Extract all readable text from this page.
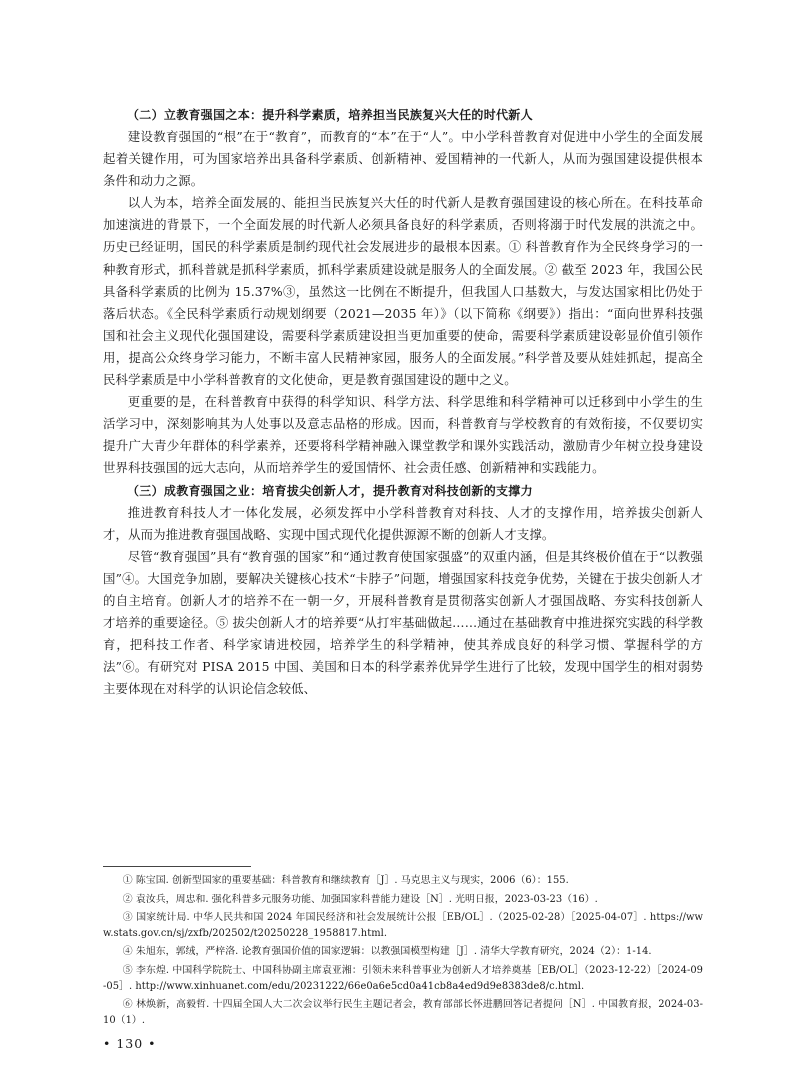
（二）立教育强国之本：提升科学素质，培养担当民族复兴大任的时代新人

建设教育强国的“根”在于“教育”，而教育的“本”在于“人”。中小学科普教育对促进中小学生的全面发展起着关键作用，可为国家培养出具备科学素质、创新精神、爱国精神的一代新人，从而为强国建设提供根本条件和动力之源。

以人为本，培养全面发展的、能担当民族复兴大任的时代新人是教育强国建设的核心所在。在科技革命加速演进的背景下，一个全面发展的时代新人必须具备良好的科学素质，否则将溺于时代发展的洪流之中。历史已经证明，国民的科学素质是制约现代社会发展进步的最根本因素。① 科普教育作为全民终身学习的一种教育形式，抓科普就是抓科学素质，抓科学素质建设就是服务人的全面发展。② 截至 2023 年，我国公民具备科学素质的比例为 15.37%③，虽然这一比例在不断提升，但我国人口基数大，与发达国家相比仍处于落后状态。《全民科学素质行动规划纲要（2021—2035 年）》（以下简称《纲要》）指出：“面向世界科技强国和社会主义现代化强国建设，需要科学素质建设担当更加重要的使命，需要科学素质建设彰显价值引领作用，提高公众终身学习能力，不断丰富人民精神家园，服务人的全面发展。”科学普及要从娃娃抓起，提高全民科学素质是中小学科普教育的文化使命，更是教育强国建设的题中之义。

更重要的是，在科普教育中获得的科学知识、科学方法、科学思维和科学精神可以迁移到中小学生的生活学习中，深刻影响其为人处事以及意志品格的形成。因而，科普教育与学校教育的有效衔接，不仅要切实提升广大青少年群体的科学素养，还要将科学精神融入课堂教学和课外实践活动，激励青少年树立投身建设世界科技强国的远大志向，从而培养学生的爱国情怀、社会责任感、创新精神和实践能力。

（三）成教育强国之业：培育拔尖创新人才，提升教育对科技创新的支撑力

推进教育科技人才一体化发展，必须发挥中小学科普教育对科技、人才的支撑作用，培养拔尖创新人才，从而为推进教育强国战略、实现中国式现代化提供源源不断的创新人才支撑。

尽管“教育强国”具有“教育强的国家”和“通过教育使国家强盛”的双重内涵，但是其终极价值在于“以教强国”④。大国竞争加剧，要解决关键核心技术“卡脖子”问题，增强国家科技竞争优势，关键在于拔尖创新人才的自主培育。创新人才的培养不在一朝一夕，开展科普教育是贯彻落实创新人才强国战略、夯实科技创新人才培养的重要途径。⑤ 拔尖创新人才的培养要“从打牢基础做起……通过在基础教育中推进探究实践的科学教育，把科技工作者、科学家请进校园，培养学生的科学精神，使其养成良好的科学习惯、掌握科学的方法”⑥。有研究对 PISA 2015 中国、美国和日本的科学素养优异学生进行了比较，发现中国学生的相对弱势主要体现在对科学的认识论信念较低、

① 陈宝国. 创新型国家的重要基础：科普教育和继续教育［J］. 马克思主义与现实，2006（6）：155.

② 袁汝兵，周忠和. 强化科普多元服务功能、加强国家科普能力建设［N］. 光明日报，2023-03-23（16）.

③ 国家统计局. 中华人民共和国 2024 年国民经济和社会发展统计公报［EB/OL］.（2025-02-28）［2025-04-07］. https://www.stats.gov.cn/sj/zxfb/202502/t20250228_1958817.html.

④ 朱旭东，郭绒，严梓洛. 论教育强国价值的国家逻辑：以教强国模型构建［J］. 清华大学教育研究，2024（2）：1-14.

⑤ 李东煌. 中国科学院院士、中国科协副主席袁亚湘：引领未来科普事业为创新人才培养奠基［EB/OL］（2023-12-22）［2024-09-05］. http://www.xinhuanet.com/edu/20231222/66e0a6e5cd0a41cb8a4ed9d9e8383de8/c.html.

⑥ 林焕新，高毅哲. 十四届全国人大二次会议举行民生主题记者会，教育部部长怀进鹏回答记者提问［N］. 中国教育报，2024-03-10（1）.

• 130 •
